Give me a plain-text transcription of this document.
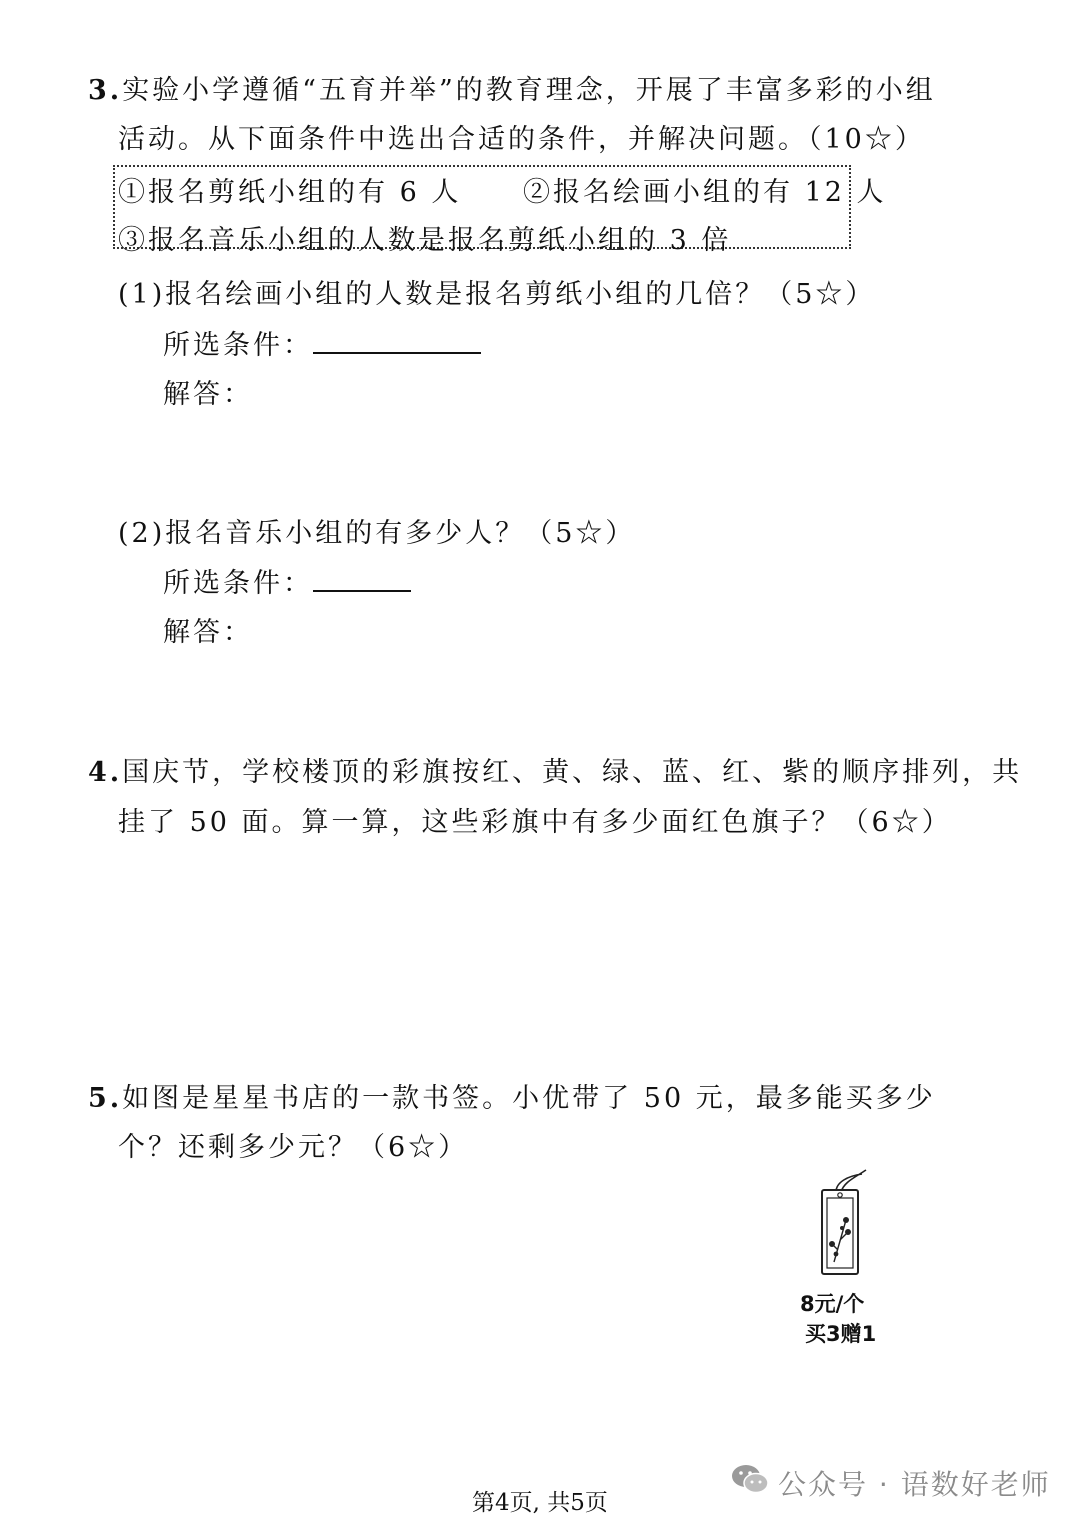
3.实验小学遵循“五育并举”的教育理念，开展了丰富多彩的小组
活动。从下面条件中选出合适的条件，并解决问题。（10☆）
①报名剪纸小组的有 6 人 ②报名绘画小组的有 12 人
③报名音乐小组的人数是报名剪纸小组的 3 倍
(1)报名绘画小组的人数是报名剪纸小组的几倍？（5☆）
所选条件：
解答：
(2)报名音乐小组的有多少人？（5☆）
所选条件：
解答：
4.国庆节，学校楼顶的彩旗按红、黄、绿、蓝、红、紫的顺序排列，共
挂了 50 面。算一算，这些彩旗中有多少面红色旗子？（6☆）
5.如图是星星书店的一款书签。小优带了 50 元，最多能买多少
个？还剩多少元？（6☆）
8元/个
买3赠1
第4页, 共5页
公众号 · 语数好老师
